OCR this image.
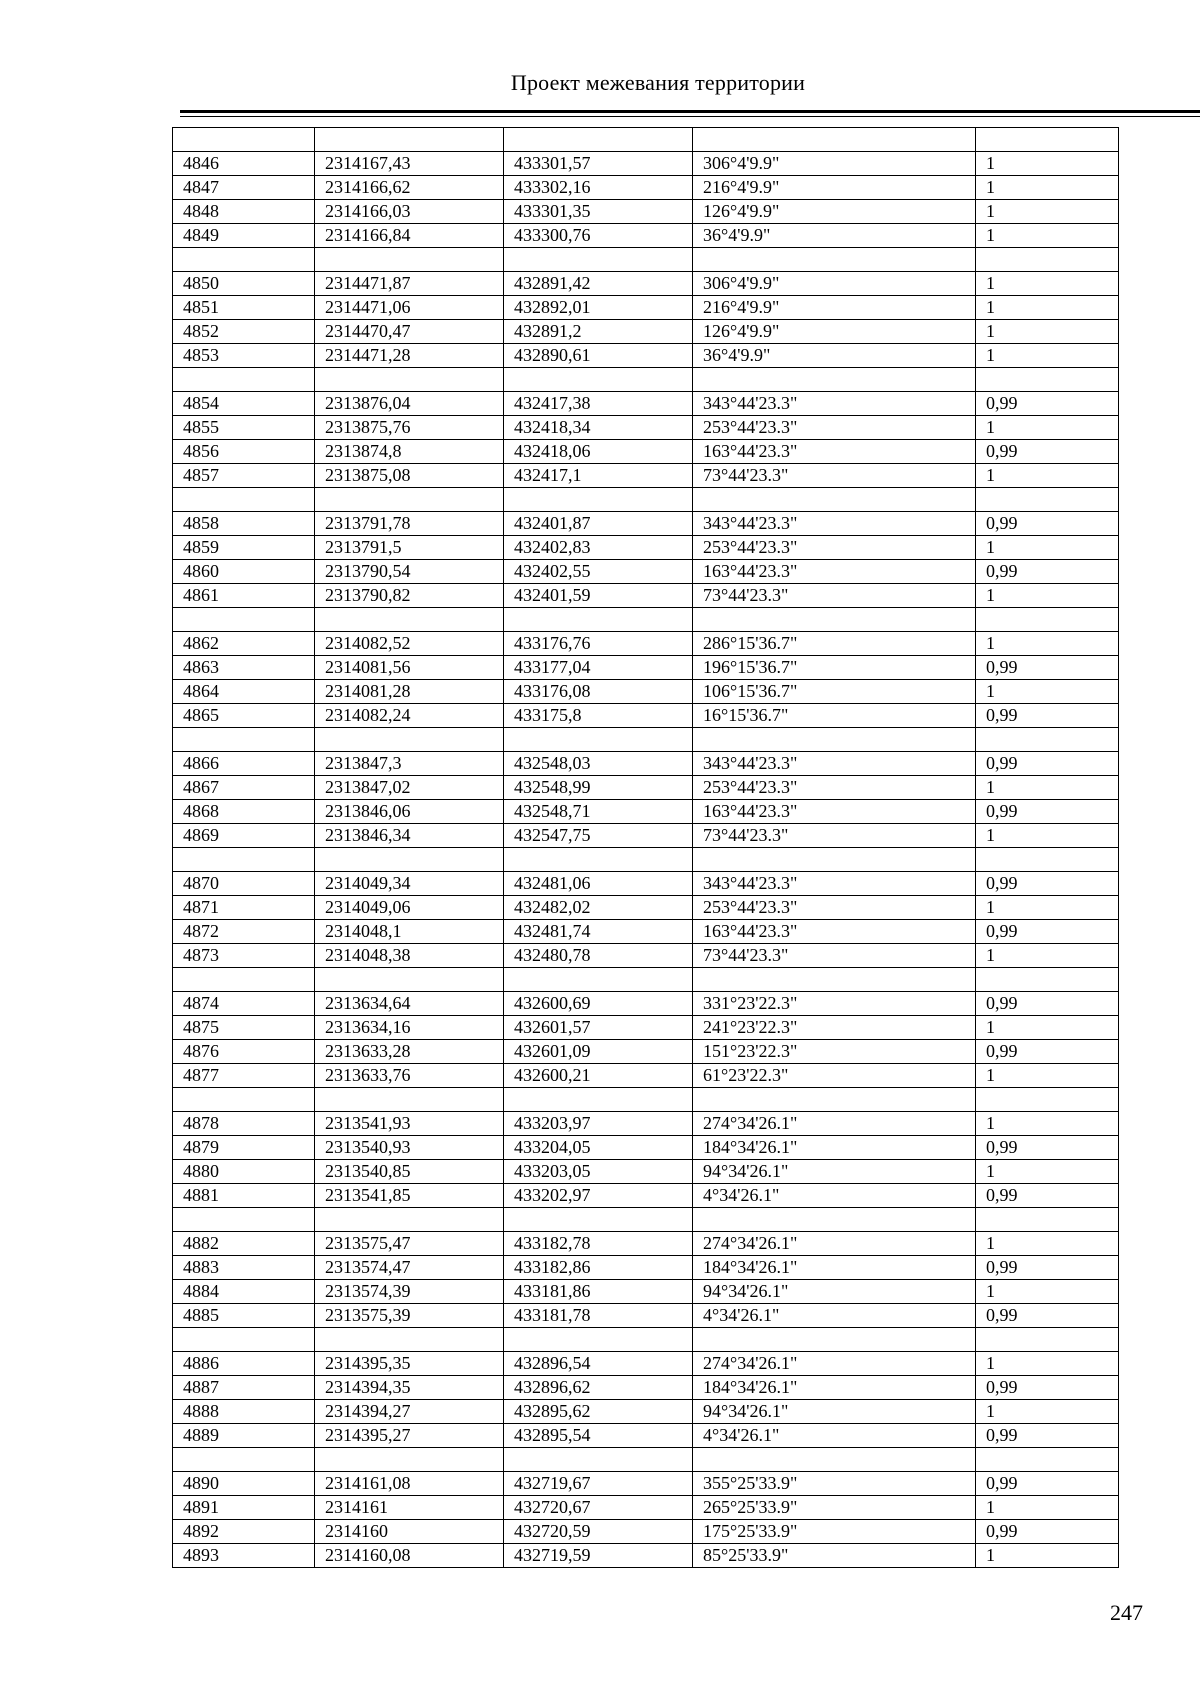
Проект межевания территории

4846	2314167,43	433301,57	306°4'9.9"	1
4847	2314166,62	433302,16	216°4'9.9"	1
4848	2314166,03	433301,35	126°4'9.9"	1
4849	2314166,84	433300,76	36°4'9.9"	1

4850	2314471,87	432891,42	306°4'9.9"	1
4851	2314471,06	432892,01	216°4'9.9"	1
4852	2314470,47	432891,2	126°4'9.9"	1
4853	2314471,28	432890,61	36°4'9.9"	1

4854	2313876,04	432417,38	343°44'23.3"	0,99
4855	2313875,76	432418,34	253°44'23.3"	1
4856	2313874,8	432418,06	163°44'23.3"	0,99
4857	2313875,08	432417,1	73°44'23.3"	1

4858	2313791,78	432401,87	343°44'23.3"	0,99
4859	2313791,5	432402,83	253°44'23.3"	1
4860	2313790,54	432402,55	163°44'23.3"	0,99
4861	2313790,82	432401,59	73°44'23.3"	1

4862	2314082,52	433176,76	286°15'36.7"	1
4863	2314081,56	433177,04	196°15'36.7"	0,99
4864	2314081,28	433176,08	106°15'36.7"	1
4865	2314082,24	433175,8	16°15'36.7"	0,99

4866	2313847,3	432548,03	343°44'23.3"	0,99
4867	2313847,02	432548,99	253°44'23.3"	1
4868	2313846,06	432548,71	163°44'23.3"	0,99
4869	2313846,34	432547,75	73°44'23.3"	1

4870	2314049,34	432481,06	343°44'23.3"	0,99
4871	2314049,06	432482,02	253°44'23.3"	1
4872	2314048,1	432481,74	163°44'23.3"	0,99
4873	2314048,38	432480,78	73°44'23.3"	1

4874	2313634,64	432600,69	331°23'22.3"	0,99
4875	2313634,16	432601,57	241°23'22.3"	1
4876	2313633,28	432601,09	151°23'22.3"	0,99
4877	2313633,76	432600,21	61°23'22.3"	1

4878	2313541,93	433203,97	274°34'26.1"	1
4879	2313540,93	433204,05	184°34'26.1"	0,99
4880	2313540,85	433203,05	94°34'26.1"	1
4881	2313541,85	433202,97	4°34'26.1"	0,99

4882	2313575,47	433182,78	274°34'26.1"	1
4883	2313574,47	433182,86	184°34'26.1"	0,99
4884	2313574,39	433181,86	94°34'26.1"	1
4885	2313575,39	433181,78	4°34'26.1"	0,99

4886	2314395,35	432896,54	274°34'26.1"	1
4887	2314394,35	432896,62	184°34'26.1"	0,99
4888	2314394,27	432895,62	94°34'26.1"	1
4889	2314395,27	432895,54	4°34'26.1"	0,99

4890	2314161,08	432719,67	355°25'33.9"	0,99
4891	2314161	432720,67	265°25'33.9"	1
4892	2314160	432720,59	175°25'33.9"	0,99
4893	2314160,08	432719,59	85°25'33.9"	1
247
